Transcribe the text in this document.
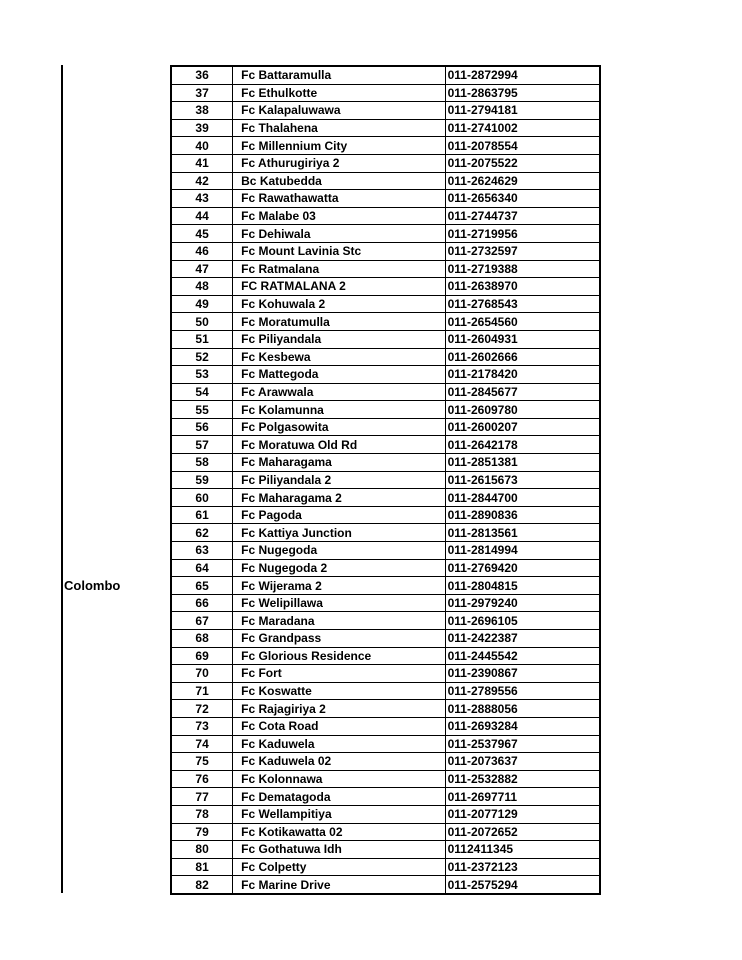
Colombo
36	Fc Battaramulla	011-2872994
37	Fc Ethulkotte	011-2863795
38	Fc Kalapaluwawa	011-2794181
39	Fc Thalahena	011-2741002
40	Fc Millennium City	011-2078554
41	Fc Athurugiriya 2	011-2075522
42	Bc Katubedda	011-2624629
43	Fc Rawathawatta	011-2656340
44	Fc Malabe 03	011-2744737
45	Fc Dehiwala	011-2719956
46	Fc Mount Lavinia Stc	011-2732597
47	Fc Ratmalana	011-2719388
48	FC RATMALANA 2	011-2638970
49	Fc Kohuwala 2	011-2768543
50	Fc Moratumulla	011-2654560
51	Fc Piliyandala	011-2604931
52	Fc Kesbewa	011-2602666
53	Fc Mattegoda	011-2178420
54	Fc Arawwala	011-2845677
55	Fc Kolamunna	011-2609780
56	Fc Polgasowita	011-2600207
57	Fc Moratuwa Old Rd	011-2642178
58	Fc Maharagama	011-2851381
59	Fc Piliyandala 2	011-2615673
60	Fc Maharagama 2	011-2844700
61	Fc Pagoda	011-2890836
62	Fc Kattiya Junction	011-2813561
63	Fc Nugegoda	011-2814994
64	Fc Nugegoda 2	011-2769420
65	Fc Wijerama 2	011-2804815
66	Fc Welipillawa	011-2979240
67	Fc Maradana	011-2696105
68	Fc Grandpass	011-2422387
69	Fc Glorious Residence	011-2445542
70	Fc Fort	011-2390867
71	Fc Koswatte	011-2789556
72	Fc Rajagiriya 2	011-2888056
73	Fc Cota Road	011-2693284
74	Fc Kaduwela	011-2537967
75	Fc Kaduwela 02	011-2073637
76	Fc Kolonnawa	011-2532882
77	Fc Dematagoda	011-2697711
78	Fc Wellampitiya	011-2077129
79	Fc Kotikawatta 02	011-2072652
80	Fc Gothatuwa Idh	0112411345
81	Fc Colpetty	011-2372123
82	Fc Marine Drive	011-2575294
